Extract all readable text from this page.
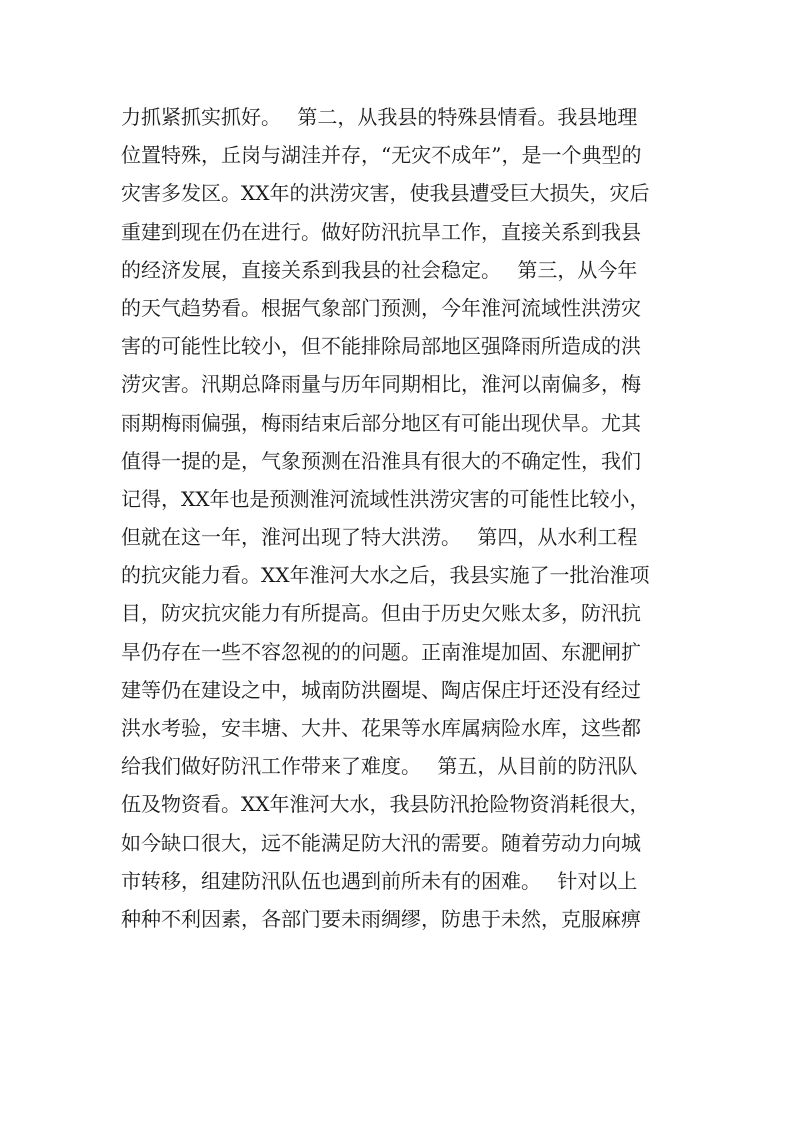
力抓紧抓实抓好。　 第二，从我县的特殊县情看。我县地理
位置特殊，丘岗与湖洼并存，“无灾不成年”，是一个典型的
灾害多发区。XX年的洪涝灾害，使我县遭受巨大损失，灾后
重建到现在仍在进行。做好防汛抗旱工作，直接关系到我县
的经济发展，直接关系到我县的社会稳定。　 第三，从今年
的天气趋势看。根据气象部门预测，今年淮河流域性洪涝灾
害的可能性比较小，但不能排除局部地区强降雨所造成的洪
涝灾害。汛期总降雨量与历年同期相比，淮河以南偏多，梅
雨期梅雨偏强，梅雨结束后部分地区有可能出现伏旱。尤其
值得一提的是，气象预测在沿淮具有很大的不确定性，我们
记得，XX年也是预测淮河流域性洪涝灾害的可能性比较小，
但就在这一年，淮河出现了特大洪涝。　 第四，从水利工程
的抗灾能力看。XX年淮河大水之后，我县实施了一批治淮项
目，防灾抗灾能力有所提高。但由于历史欠账太多，防汛抗
旱仍存在一些不容忽视的的问题。正南淮堤加固、东淝闸扩
建等仍在建设之中，城南防洪圈堤、陶店保庄圩还没有经过
洪水考验，安丰塘、大井、花果等水库属病险水库，这些都
给我们做好防汛工作带来了难度。　 第五，从目前的防汛队
伍及物资看。XX年淮河大水，我县防汛抢险物资消耗很大，
如今缺口很大，远不能满足防大汛的需要。随着劳动力向城
市转移，组建防汛队伍也遇到前所未有的困难。　 针对以上
种种不利因素，各部门要未雨绸缪，防患于未然，克服麻痹
